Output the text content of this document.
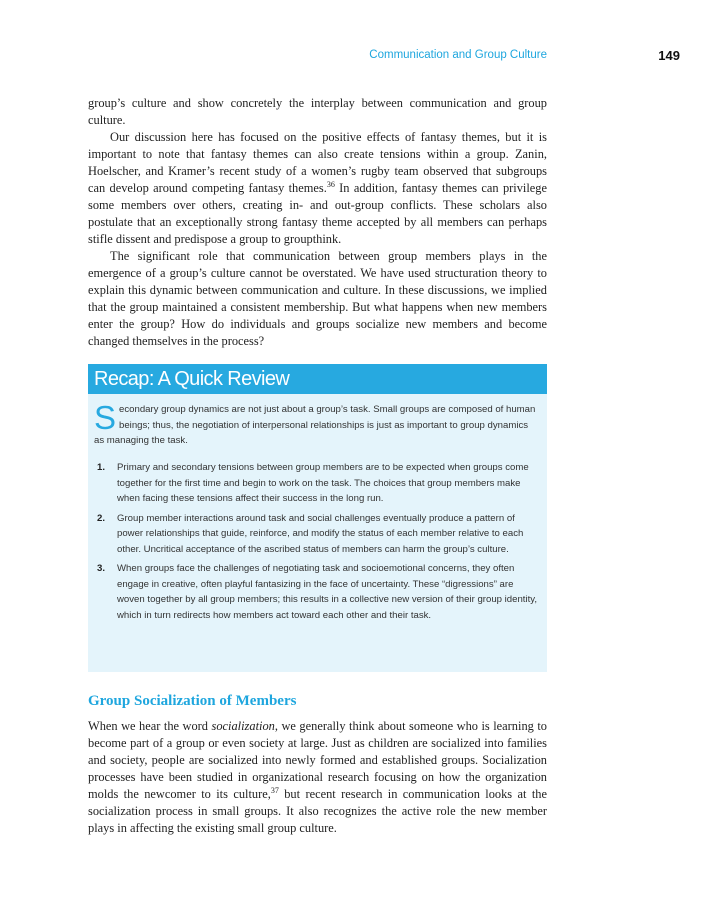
Communication and Group Culture	149

group’s culture and show concretely the interplay between communication and group culture.

Our discussion here has focused on the positive effects of fantasy themes, but it is important to note that fantasy themes can also create tensions within a group. Zanin, Hoelscher, and Kramer’s recent study of a women’s rugby team observed that subgroups can develop around competing fantasy themes.$^{36}$ In addition, fantasy themes can privilege some members over others, creating in- and out-group conflicts. These scholars also postulate that an exceptionally strong fantasy theme accepted by all members can perhaps stifle dissent and predispose a group to groupthink.

The significant role that communication between group members plays in the emergence of a group’s culture cannot be overstated. We have used structuration theory to explain this dynamic between communication and culture. In these discussions, we implied that the group maintained a consistent membership. But what happens when new members enter the group? How do individuals and groups socialize new members and become changed themselves in the process?

Recap: A Quick Review
Secondary group dynamics are not just about a group’s task. Small groups are composed of human beings; thus, the negotiation of interpersonal relationships is just as important to group dynamics as managing the task.
1. Primary and secondary tensions between group members are to be expected when groups come together for the first time and begin to work on the task. The choices that group members make when facing these tensions affect their success in the long run.
2. Group member interactions around task and social challenges eventually produce a pattern of power relationships that guide, reinforce, and modify the status of each member relative to each other. Uncritical acceptance of the ascribed status of members can harm the group’s culture.
3. When groups face the challenges of negotiating task and socioemotional concerns, they often engage in creative, often playful fantasizing in the face of uncertainty. These “digressions” are woven together by all group members; this results in a collective new version of their group identity, which in turn redirects how members act toward each other and their task.
Group Socialization of Members

When we hear the word socialization, we generally think about someone who is learning to become part of a group or even society at large. Just as children are socialized into families and society, people are socialized into newly formed and established groups. Socialization processes have been studied in organizational research focusing on how the organization molds the newcomer to its culture,$^{37}$ but recent research in communication looks at the socialization process in small groups. It also recognizes the active role the new member plays in affecting the existing small group culture.
